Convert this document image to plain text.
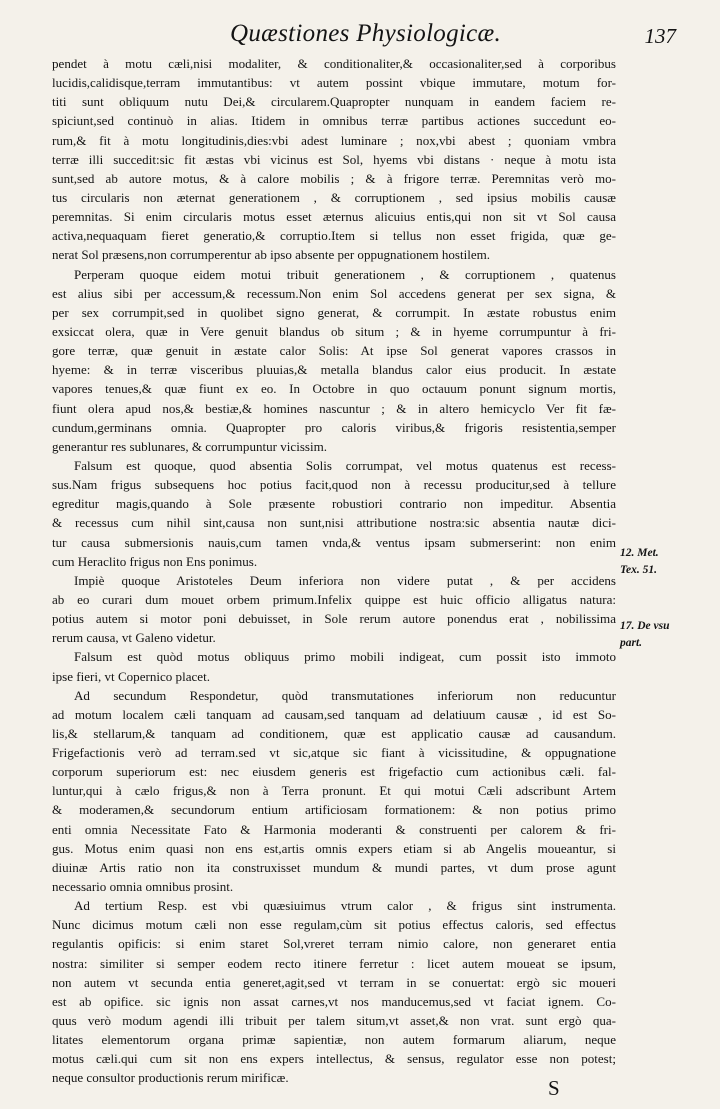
Quæstiones Physiologicæ.	137
pendet à motu cæli,nisi modaliter, & conditionaliter,& occasionaliter,sed à corporibus
lucidis,calidisque,terram immutantibus: vt autem possint vbique immutare, motum for-
titi sunt obliquum nutu Dei,& circularem.Quapropter nunquam in eandem faciem re-
spiciunt,sed continuò in alias. Itidem in omnibus terræ partibus actiones succedunt eo-
rum,& fit à motu longitudinis,dies:vbi adest luminare ; nox,vbi abest ; quoniam vmbra
terræ illi succedit:sic fit æstas vbi vicinus est Sol, hyems vbi distans · neque à motu ista
sunt,sed ab autore motus, & à calore mobilis ; & à frigore terræ. Peremnitas verò mo-
tus circularis non æternat generationem , & corruptionem , sed ipsius mobilis causæ
peremnitas. Si enim circularis motus esset æternus alicuius entis,qui non sit vt Sol causa
activa,nequaquam fieret generatio,& corruptio.Item si tellus non esset frigida, quæ ge-
nerat Sol præsens,non corrumperentur ab ipso absente per oppugnationem hostilem.
Perperam quoque eidem motui tribuit generationem , & corruptionem , quatenus
est alius sibi per accessum,& recessum.Non enim Sol accedens generat per sex signa, &
per sex corrumpit,sed in quolibet signo generat, & corrumpit. In æstate robustus enim
exsiccat olera, quæ in Vere genuit blandus ob situm ; & in hyeme corrumpuntur à fri-
gore terræ, quæ genuit in æstate calor Solis: At ipse Sol generat vapores crassos in
hyeme: & in terræ visceribus pluuias,& metalla blandus calor eius producit. In æstate
vapores tenues,& quæ fiunt ex eo. In Octobre in quo octauum ponunt signum mortis,
fiunt olera apud nos,& bestiæ,& homines nascuntur ; & in altero hemicyclo Ver fit fæ-
cundum,germinans omnia. Quapropter pro caloris viribus,& frigoris resistentia,semper
generantur res sublunares, & corrumpuntur vicissim.
Falsum est quoque, quod absentia Solis corrumpat, vel motus quatenus est recess-
sus.Nam frigus subsequens hoc potius facit,quod non à recessu producitur,sed à tellure
egreditur magis,quando à Sole præsente robustiori contrario non impeditur. Absentia
& recessus cum nihil sint,causa non sunt,nisi attributione nostra:sic absentia nautæ dici-
tur causa submersionis nauis,cum tamen vnda,& ventus ipsam submerserint: non enim
cum Heraclito frigus non Ens ponimus.
Impiè quoque Aristoteles Deum inferiora non videre putat , & per accidens
ab eo curari dum mouet orbem primum.Infelix quippe est huic officio alligatus natura:
potius autem si motor poni debuisset, in Sole rerum autore ponendus erat , nobilissima
rerum causa, vt Galeno videtur.
Falsum est quòd motus obliquus primo mobili indigeat, cum possit isto immoto
ipse fieri, vt Copernico placet.
Ad secundum Respondetur, quòd transmutationes inferiorum non reducuntur
ad motum localem cæli tanquam ad causam,sed tanquam ad delatiuum causæ , id est So-
lis,& stellarum,& tanquam ad conditionem, quæ est applicatio causæ ad causandum.
Frigefactionis verò ad terram.sed vt sic,atque sic fiant à vicissitudine, & oppugnatione
corporum superiorum est: nec eiusdem generis est frigefactio cum actionibus cæli. fal-
luntur,qui à cælo frigus,& non à Terra pronunt. Et qui motui Cæli adscribunt Artem
& moderamen,& secundorum entium artificiosam formationem: & non potius primo
enti omnia Necessitate Fato & Harmonia moderanti & construenti per calorem & fri-
gus. Motus enim quasi non ens est,artis omnis expers etiam si ab Angelis moueantur, si
diuinæ Artis ratio non ita construxisset mundum & mundi partes, vt dum prose agunt
necessario omnia omnibus prosint.
Ad tertium Resp. est vbi quæsiuimus vtrum calor , & frigus sint instrumenta.
Nunc dicimus motum cæli non esse regulam,cùm sit potius effectus caloris, sed effectus
regulantis opificis: si enim staret Sol,vreret terram nimio calore, non generaret entia
nostra: similiter si semper eodem recto itinere ferretur : licet autem moueat se ipsum,
non autem vt secunda entia generet,agit,sed vt terram in se conuertat: ergò sic moueri
est ab opifice. sic ignis non assat carnes,vt nos manducemus,sed vt faciat ignem. Co-
quus verò modum agendi illi tribuit per talem situm,vt asset,& non vrat. sunt ergò qua-
litates elementorum organa primæ sapientiæ, non autem formarum aliarum, neque
motus cæli.qui cum sit non ens expers intellectus, & sensus, regulator esse non potest;
neque consultor productionis rerum mirificæ.
12. Met.
Tex. 51.
17. De vsu
part.
S
